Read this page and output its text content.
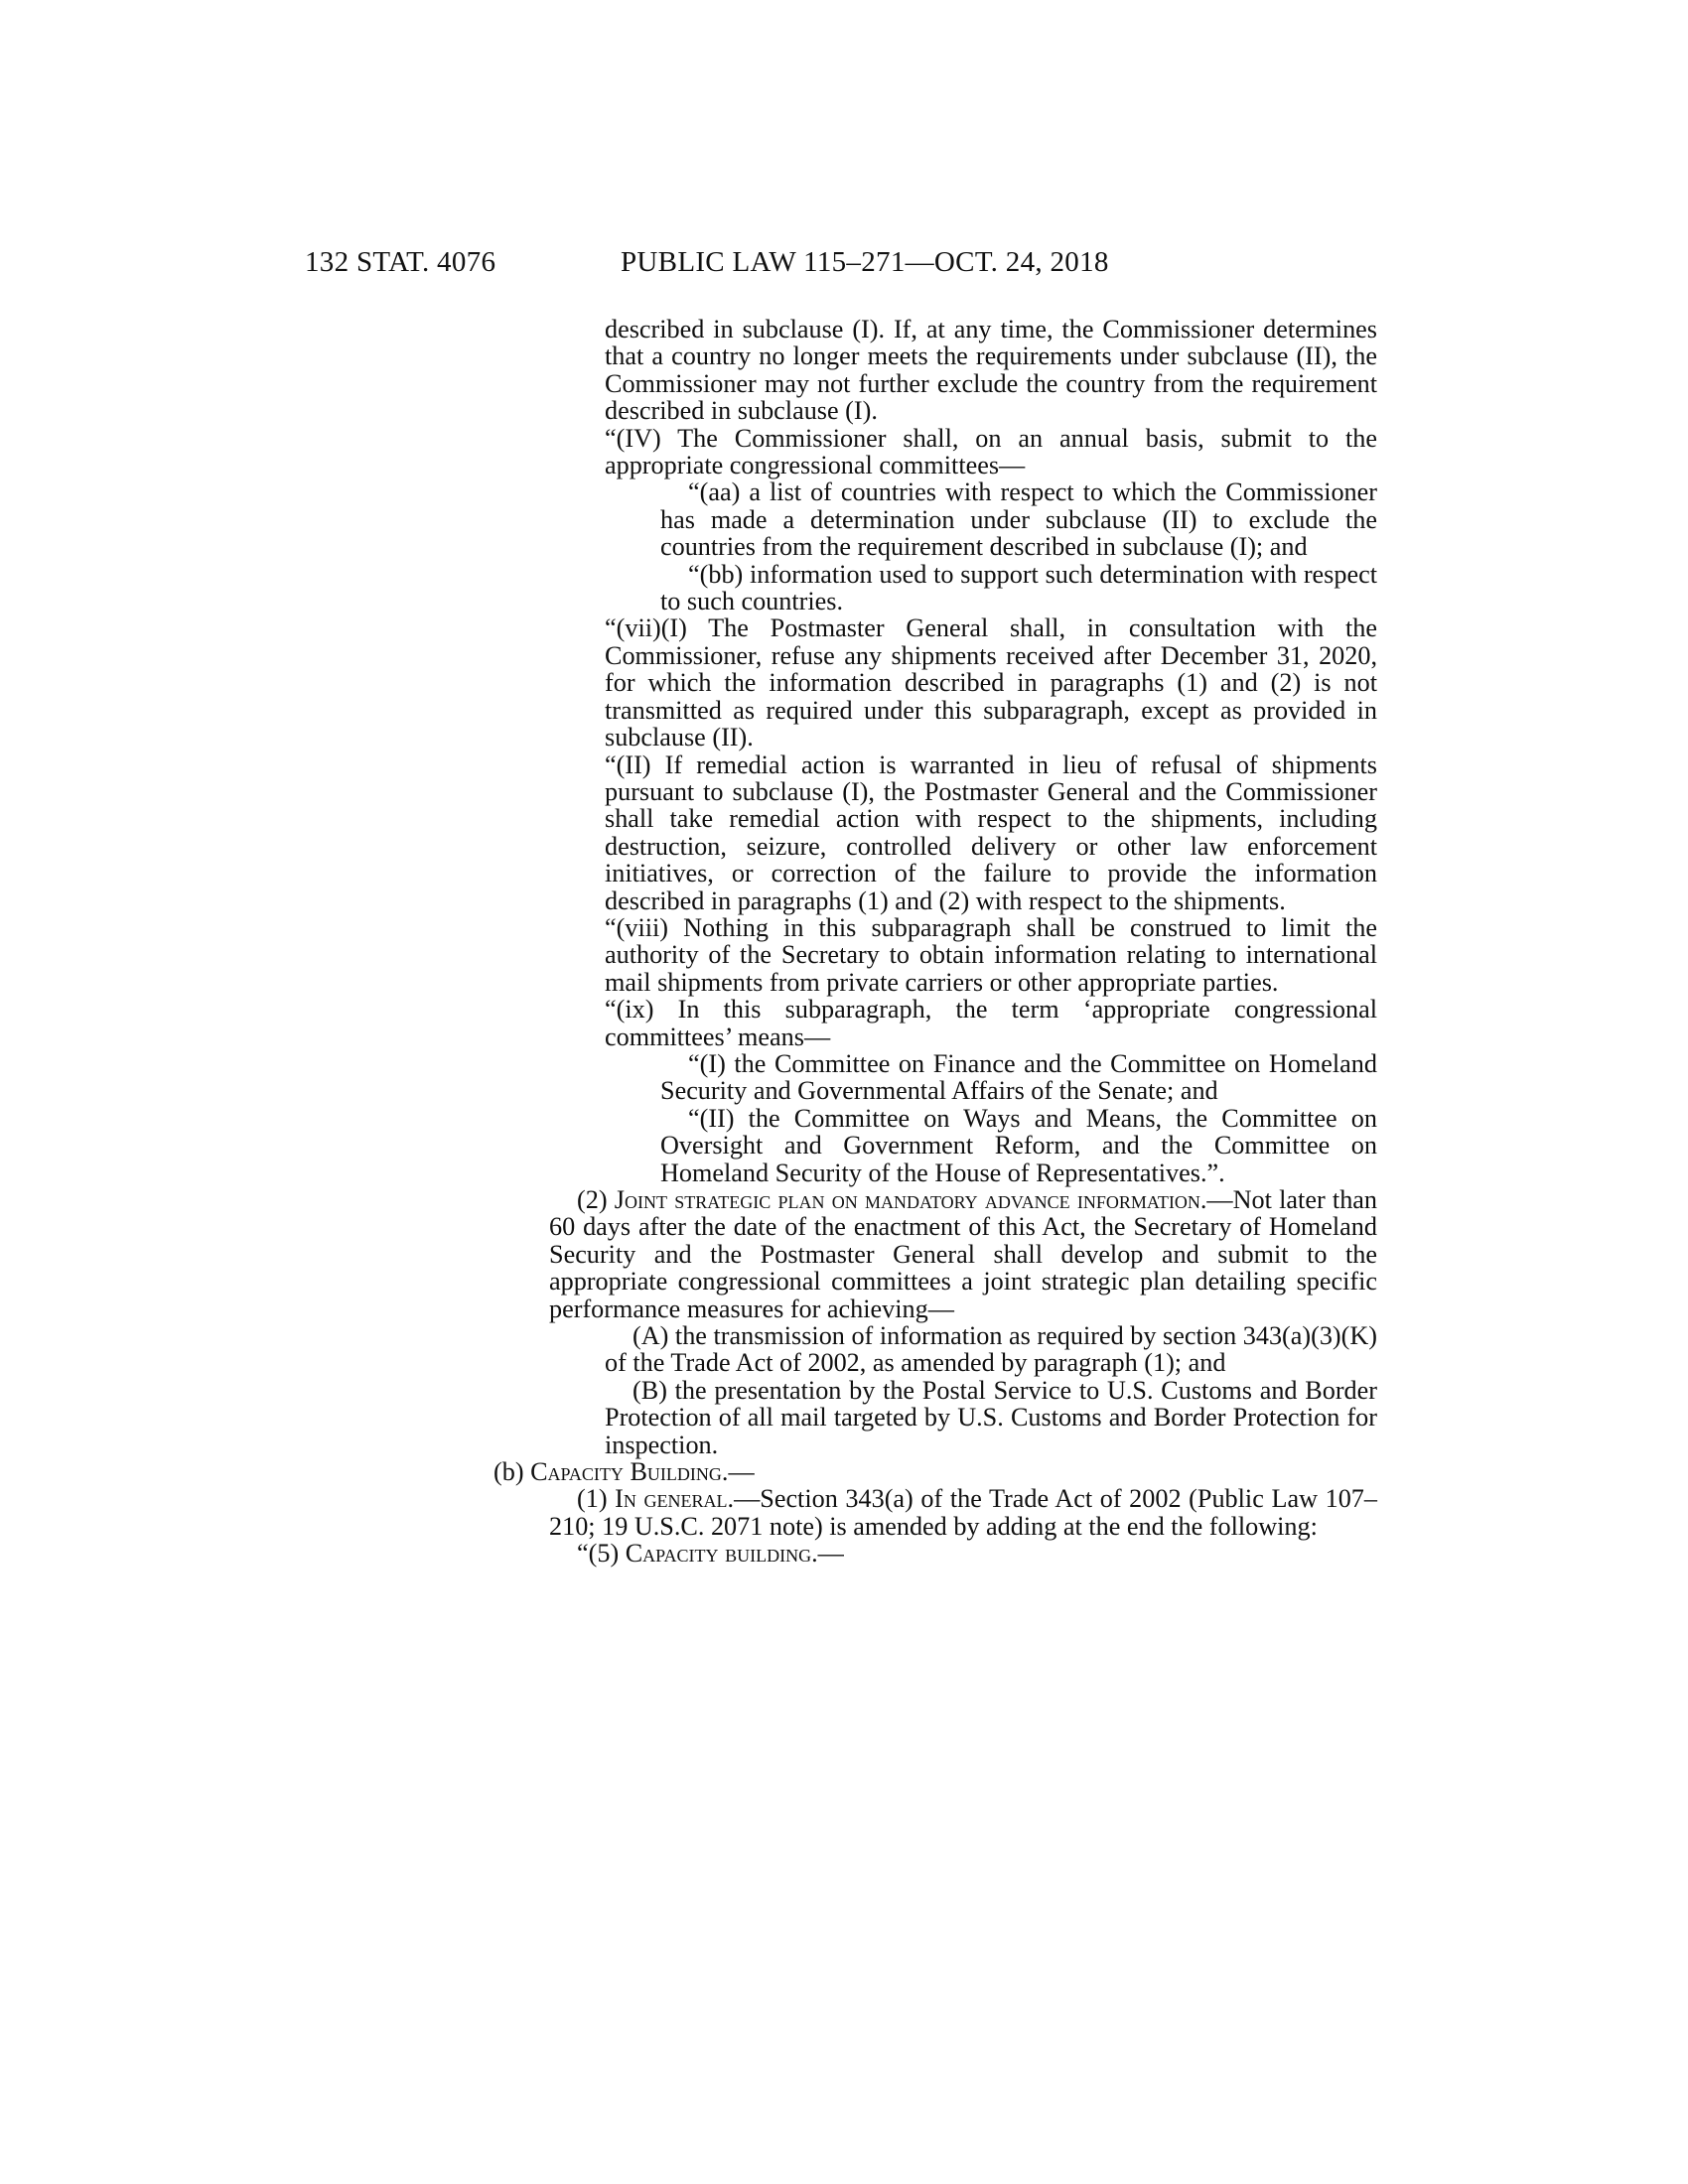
132 STAT. 4076	PUBLIC LAW 115–271—OCT. 24, 2018

described in subclause (I). If, at any time, the Commissioner determines that a country no longer meets the requirements under subclause (II), the Commissioner may not further exclude the country from the requirement described in subclause (I).

“(IV) The Commissioner shall, on an annual basis, submit to the appropriate congressional committees—

“(aa) a list of countries with respect to which the Commissioner has made a determination under subclause (II) to exclude the countries from the requirement described in subclause (I); and

“(bb) information used to support such determination with respect to such countries.

“(vii)(I) The Postmaster General shall, in consultation with the Commissioner, refuse any shipments received after December 31, 2020, for which the information described in paragraphs (1) and (2) is not transmitted as required under this subparagraph, except as provided in subclause (II).

“(II) If remedial action is warranted in lieu of refusal of shipments pursuant to subclause (I), the Postmaster General and the Commissioner shall take remedial action with respect to the shipments, including destruction, seizure, controlled delivery or other law enforcement initiatives, or correction of the failure to provide the information described in paragraphs (1) and (2) with respect to the shipments.

“(viii) Nothing in this subparagraph shall be construed to limit the authority of the Secretary to obtain information relating to international mail shipments from private carriers or other appropriate parties.

“(ix) In this subparagraph, the term ‘appropriate congressional committees’ means—

“(I) the Committee on Finance and the Committee on Homeland Security and Governmental Affairs of the Senate; and

“(II) the Committee on Ways and Means, the Committee on Oversight and Government Reform, and the Committee on Homeland Security of the House of Representatives.”.

(2) Joint strategic plan on mandatory advance information.—Not later than 60 days after the date of the enactment of this Act, the Secretary of Homeland Security and the Postmaster General shall develop and submit to the appropriate congressional committees a joint strategic plan detailing specific performance measures for achieving—

(A) the transmission of information as required by section 343(a)(3)(K) of the Trade Act of 2002, as amended by paragraph (1); and

(B) the presentation by the Postal Service to U.S. Customs and Border Protection of all mail targeted by U.S. Customs and Border Protection for inspection.

(b) Capacity Building.—

(1) In general.—Section 343(a) of the Trade Act of 2002 (Public Law 107–210; 19 U.S.C. 2071 note) is amended by adding at the end the following:

“(5) Capacity building.—
